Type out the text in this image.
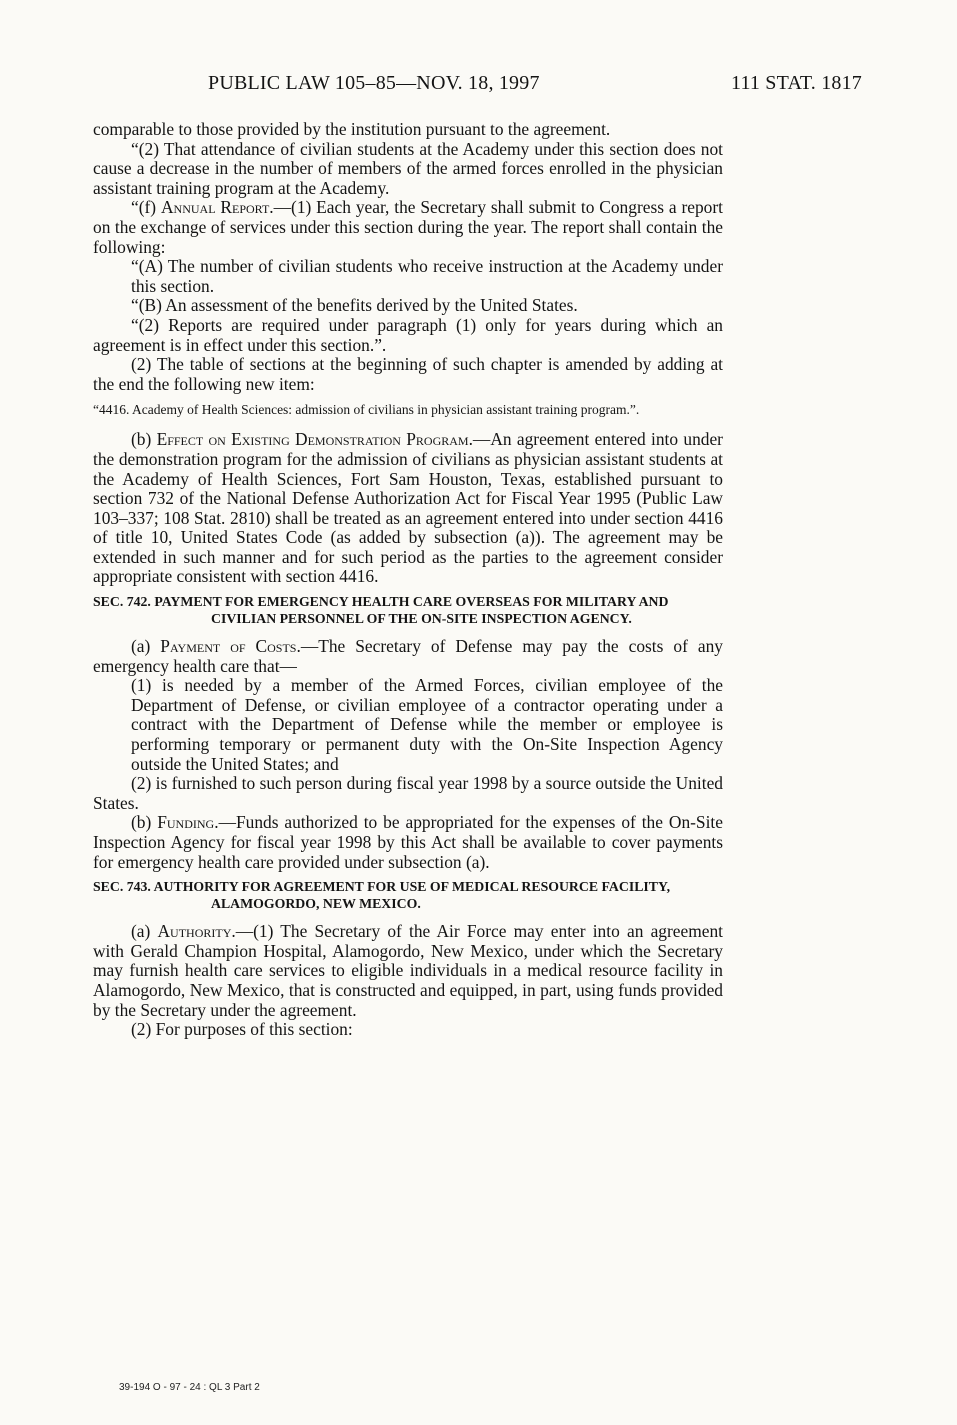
PUBLIC LAW 105–85—NOV. 18, 1997	111 STAT. 1817

comparable to those provided by the institution pursuant to the agreement.

“(2) That attendance of civilian students at the Academy under this section does not cause a decrease in the number of members of the armed forces enrolled in the physician assistant training program at the Academy.

“(f) Annual Report.—(1) Each year, the Secretary shall submit to Congress a report on the exchange of services under this section during the year. The report shall contain the following:

“(A) The number of civilian students who receive instruction at the Academy under this section.

“(B) An assessment of the benefits derived by the United States.

“(2) Reports are required under paragraph (1) only for years during which an agreement is in effect under this section.”.

(2) The table of sections at the beginning of such chapter is amended by adding at the end the following new item:

“4416. Academy of Health Sciences: admission of civilians in physician assistant training program.”.

(b) Effect on Existing Demonstration Program.—An agreement entered into under the demonstration program for the admission of civilians as physician assistant students at the Academy of Health Sciences, Fort Sam Houston, Texas, established pursuant to section 732 of the National Defense Authorization Act for Fiscal Year 1995 (Public Law 103–337; 108 Stat. 2810) shall be treated as an agreement entered into under section 4416 of title 10, United States Code (as added by subsection (a)). The agreement may be extended in such manner and for such period as the parties to the agreement consider appropriate consistent with section 4416.

SEC. 742. PAYMENT FOR EMERGENCY HEALTH CARE OVERSEAS FOR MILITARY AND CIVILIAN PERSONNEL OF THE ON-SITE INSPECTION AGENCY.

(a) Payment of Costs.—The Secretary of Defense may pay the costs of any emergency health care that—

(1) is needed by a member of the Armed Forces, civilian employee of the Department of Defense, or civilian employee of a contractor operating under a contract with the Department of Defense while the member or employee is performing temporary or permanent duty with the On-Site Inspection Agency outside the United States; and

(2) is furnished to such person during fiscal year 1998 by a source outside the United States.

(b) Funding.—Funds authorized to be appropriated for the expenses of the On-Site Inspection Agency for fiscal year 1998 by this Act shall be available to cover payments for emergency health care provided under subsection (a).

SEC. 743. AUTHORITY FOR AGREEMENT FOR USE OF MEDICAL RESOURCE FACILITY, ALAMOGORDO, NEW MEXICO.

(a) Authority.—(1) The Secretary of the Air Force may enter into an agreement with Gerald Champion Hospital, Alamogordo, New Mexico, under which the Secretary may furnish health care services to eligible individuals in a medical resource facility in Alamogordo, New Mexico, that is constructed and equipped, in part, using funds provided by the Secretary under the agreement.

(2) For purposes of this section:

39-194 O - 97 - 24 : QL 3 Part 2
